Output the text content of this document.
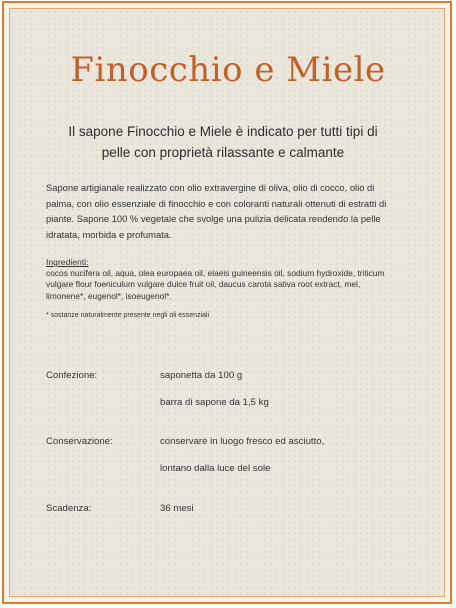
Finocchio e Miele
Il sapone Finocchio e Miele è indicato per tutti tipi di pelle con proprietà rilassante e calmante
Sapone artigianale realizzato con olio extravergine di oliva, olio di cocco, olio di palma, con olio essenziale di finocchio e con coloranti naturali ottenuti di estratti di piante. Sapone 100 % vegetale che svolge una pulizia delicata rendendo la pelle idratata, morbida e profumata.
Ingredienti:
cocos nucifera oil, aqua, olea europaea oil, elaeis guineensis oil, sodium hydroxide, triticum vulgare flour foeniculum vulgare dulce fruit oil, daucus carota sativa root extract, mel, limonene*, eugenol*, isoeugenol*.
* sostanze naturalmente presente negli oli essenziali
Confezione:	saponetta da 100 g
barra di sapone da 1,5 kg
Conservazione:	conservare in luogo fresco ed asciutto,
lontano dalla luce del sole
Scadenza:	36 mesi
